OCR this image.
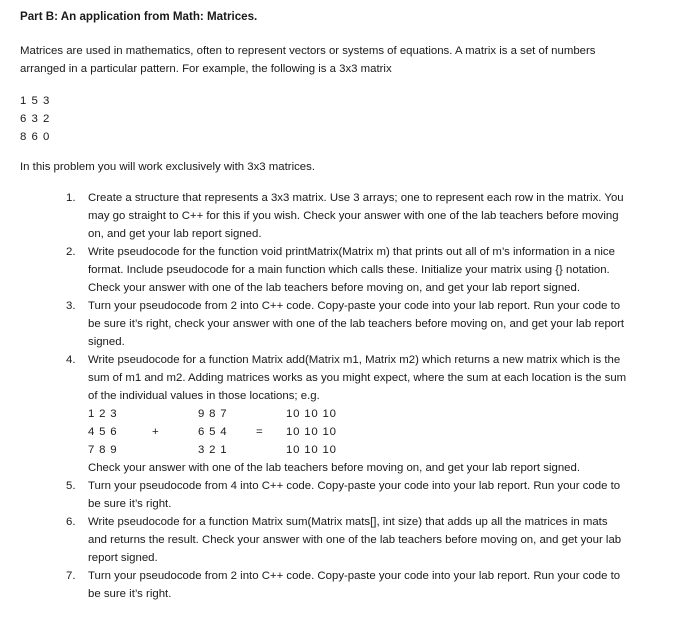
Part B: An application from Math: Matrices.
Matrices are used in mathematics, often to represent vectors or systems of equations. A matrix is a set of numbers
arranged in a particular pattern. For example, the following is a 3x3 matrix
1 5 3
6 3 2
8 6 0
In this problem you will work exclusively with 3x3 matrices.
1. Create a structure that represents a 3x3 matrix. Use 3 arrays; one to represent each row in the matrix. You
may go straight to C++ for this if you wish. Check your answer with one of the lab teachers before moving
on, and get your lab report signed.
2. Write pseudocode for the function void printMatrix(Matrix m) that prints out all of m’s information in a nice
format. Include pseudocode for a main function which calls these. Initialize your matrix using {} notation.
Check your answer with one of the lab teachers before moving on, and get your lab report signed.
3. Turn your pseudocode from 2 into C++ code. Copy-paste your code into your lab report. Run your code to
be sure it’s right, check your answer with one of the lab teachers before moving on, and get your lab report
signed.
4. Write pseudocode for a function Matrix add(Matrix m1, Matrix m2) which returns a new matrix which is the
sum of m1 and m2. Adding matrices works as you might expect, where the sum at each location is the sum
of the individual values in those locations; e.g.
1 2 3	9 8 7	10 10 10
4 5 6	+	6 5 4	= 10 10 10
7 8 9	3 2 1	10 10 10
Check your answer with one of the lab teachers before moving on, and get your lab report signed.
5. Turn your pseudocode from 4 into C++ code. Copy-paste your code into your lab report. Run your code to
be sure it’s right.
6. Write pseudocode for a function Matrix sum(Matrix mats[], int size) that adds up all the matrices in mats
and returns the result. Check your answer with one of the lab teachers before moving on, and get your lab
report signed.
7. Turn your pseudocode from 2 into C++ code. Copy-paste your code into your lab report. Run your code to
be sure it’s right.
